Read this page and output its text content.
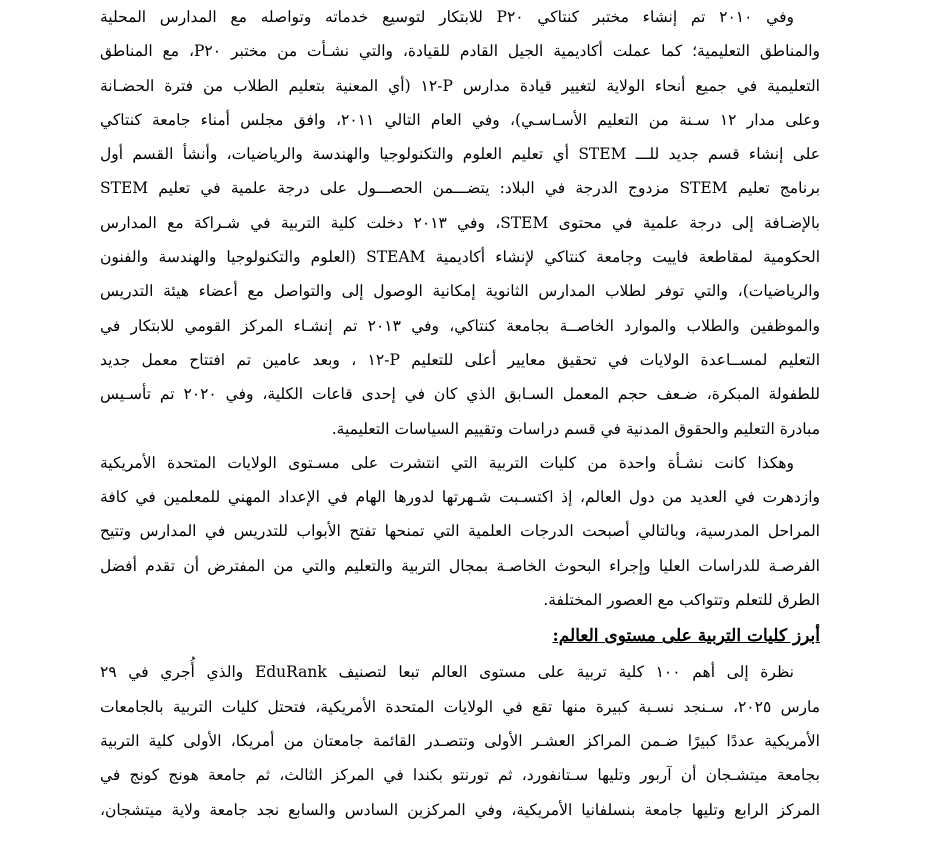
وفي ٢٠١٠ تم إنشاء مختبر كنتاكي P٢٠ للابتكار لتوسيع خدماته وتواصله مع المدارس المحلية
والمناطق التعليمية؛ كما عملت أكاديمية الجيل القادم للقيادة، والتي نشـأت من مختبر P٢٠، مع المناطق
التعليمية في جميع أنحاء الولاية لتغيير قيادة مدارس P-١٢ (أي المعنية بتعليم الطلاب من فترة الحضـانة
وعلى مدار ١٢ سـنة من التعليم الأسـاسـي)، وفي العام التالي ٢٠١١، وافق مجلس أمناء جامعة كنتاكي
على إنشاء قسم جديد للـــ STEM أي تعليم العلوم والتكنولوجيا والهندسة والرياضيات، وأنشأ القسم أول
برنامج تعليم STEM مزدوج الدرجة في البلاد: يتضـــمن الحصـــول على درجة علمية في تعليم STEM
بالإضـافة إلى درجة علمية في محتوى STEM، وفي ٢٠١٣ دخلت كلية التربية في شـراكة مع المدارس
الحكومية لمقاطعة فاييت وجامعة كنتاكي لإنشاء أكاديمية STEAM (العلوم والتكنولوجيا والهندسة والفنون
والرياضيات)، والتي توفر لطلاب المدارس الثانوية إمكانية الوصول إلى والتواصل مع أعضاء هيئة التدريس
والموظفين والطلاب والموارد الخاصــة بجامعة كنتاكي، وفي ٢٠١٣ تم إنشـاء المركز القومي للابتكار في
التعليم لمســاعدة الولايات في تحقيق معايير أعلى للتعليم P-١٢ ، وبعد عامين تم افتتاح معمل جديد
للطفولة المبكرة، ضـعف حجم المعمل السـابق الذي كان في إحدى قاعات الكلية، وفي ٢٠٢٠ تم تأسـيس
مبادرة التعليم والحقوق المدنية في قسم دراسات وتقييم السياسات التعليمية.
وهكذا كانت نشـأة واحدة من كليات التربية التي انتشرت على مسـتوى الولايات المتحدة الأمريكية
وازدهرت في العديد من دول العالم، إذ اكتسـبت شـهرتها لدورها الهام في الإعداد المهني للمعلمين في كافة
المراحل المدرسية، وبالتالي أصبحت الدرجات العلمية التي تمنحها تفتح الأبواب للتدريس في المدارس وتتيح
الفرصـة للدراسات العليا وإجراء البحوث الخاصـة بمجال التربية والتعليم والتي من المفترض أن تقدم أفضل
الطرق للتعلم وتتواكب مع العصور المختلفة.
أبرز كليات التربية على مستوى العالم:
نظرة إلى أهم ١٠٠ كلية تربية على مستوى العالم تبعا لتصنيف EduRank والذي أُجري في ٢٩
مارس ٢٠٢٥، سـنجد نسـبة كبيرة منها تقع في الولايات المتحدة الأمريكية، فتحتل كليات التربية بالجامعات
الأمريكية عددًا كبيرًا ضـمن المراكز العشـر الأولى وتتصـدر القائمة جامعتان من أمريكا، الأولى كلية التربية
بجامعة ميتشـجان أن آربور وتليها سـتانفورد، ثم تورنتو بكندا في المركز الثالث، ثم جامعة هونج كونج في
المركز الرابع وتليها جامعة بنسلفانيا الأمريكية، وفي المركزين السادس والسابع نجد جامعة ولاية ميتشجان،
